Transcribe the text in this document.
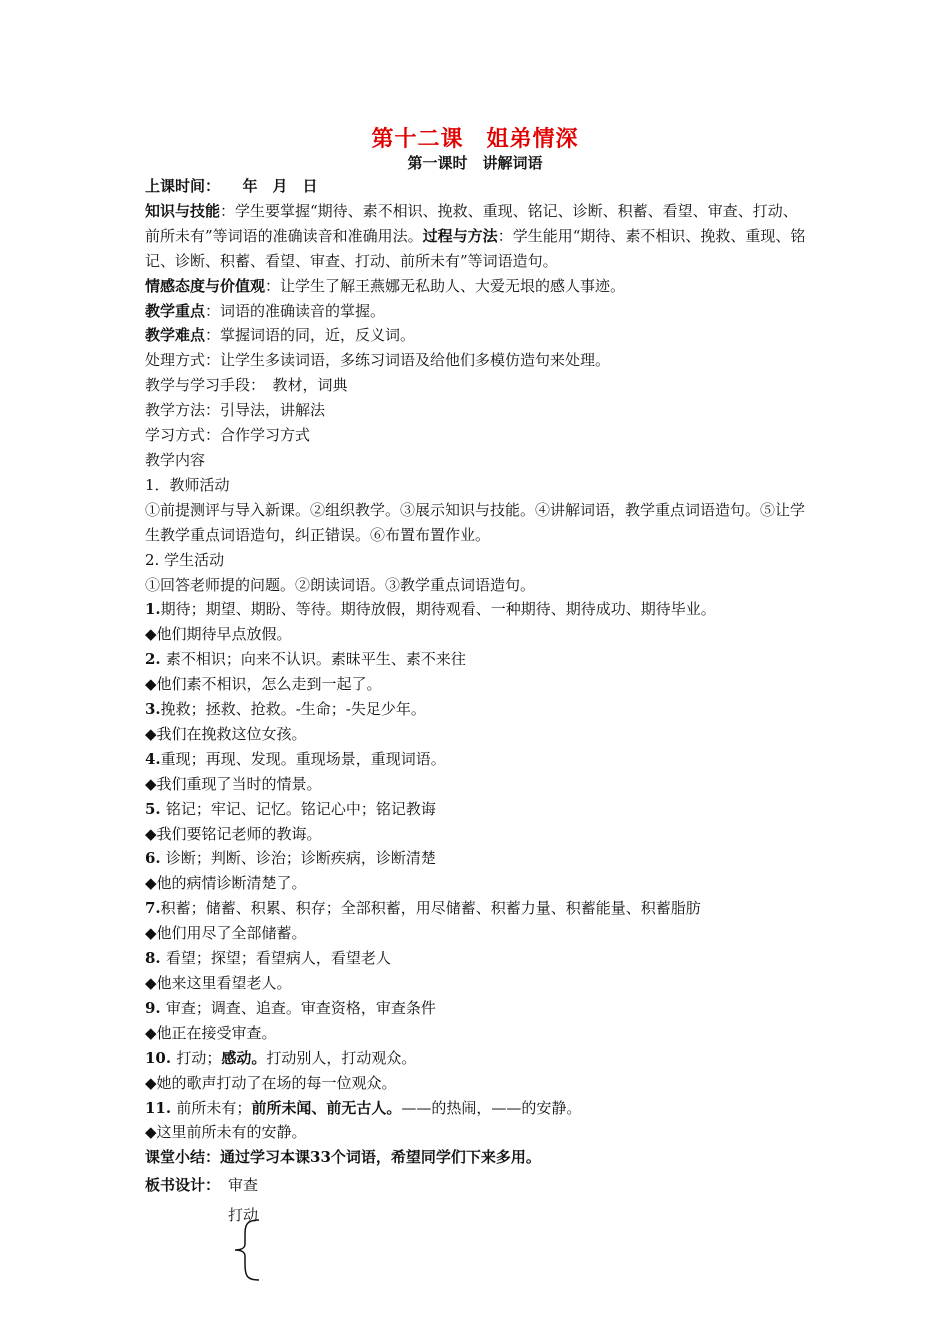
第十二课　姐弟情深
第一课时　讲解词语
上课时间：　　年　月　日
知识与技能：学生要掌握“期待、素不相识、挽救、重现、铭记、诊断、积蓄、看望、审查、打动、前所未有”等词语的准确读音和准确用法。过程与方法：学生能用“期待、素不相识、挽救、重现、铭记、诊断、积蓄、看望、审查、打动、前所未有”等词语造句。
情感态度与价值观：让学生了解王燕娜无私助人、大爱无垠的感人事迹。
教学重点：词语的准确读音的掌握。
教学难点：掌握词语的同，近，反义词。
处理方式：让学生多读词语，多练习词语及给他们多模仿造句来处理。
教学与学习手段：　教材，词典
教学方法：引导法，讲解法
学习方式：合作学习方式
教学内容
1．教师活动
①前提测评与导入新课。②组织教学。③展示知识与技能。④讲解词语，教学重点词语造句。⑤让学生教学重点词语造句，纠正错误。⑥布置布置作业。
2. 学生活动
①回答老师提的问题。②朗读词语。③教学重点词语造句。
1.期待；期望、期盼、等待。期待放假，期待观看、一种期待、期待成功、期待毕业。
◆他们期待早点放假。
2. 素不相识；向来不认识。素昧平生、素不来往
◆他们素不相识，怎么走到一起了。
3.挽救；拯救、抢救。-生命；-失足少年。
◆我们在挽救这位女孩。
4.重现；再现、发现。重现场景，重现词语。
◆我们重现了当时的情景。
5. 铭记；牢记、记忆。铭记心中；铭记教诲
◆我们要铭记老师的教诲。
6. 诊断；判断、诊治；诊断疾病，诊断清楚
◆他的病情诊断清楚了。
7.积蓄；储蓄、积累、积存；全部积蓄，用尽储蓄、积蓄力量、积蓄能量、积蓄脂肪
◆他们用尽了全部储蓄。
8. 看望；探望；看望病人，看望老人
◆他来这里看望老人。
9. 审查；调查、追查。审查资格，审查条件
◆他正在接受审查。
10. 打动；感动。打动别人，打动观众。
◆她的歌声打动了在场的每一位观众。
11. 前所未有；前所未闻、前无古人。——的热闹，——的安静。
◆这里前所未有的安静。
课堂小结：通过学习本课33个词语，希望同学们下来多用。
板书设计： 审查
打动
